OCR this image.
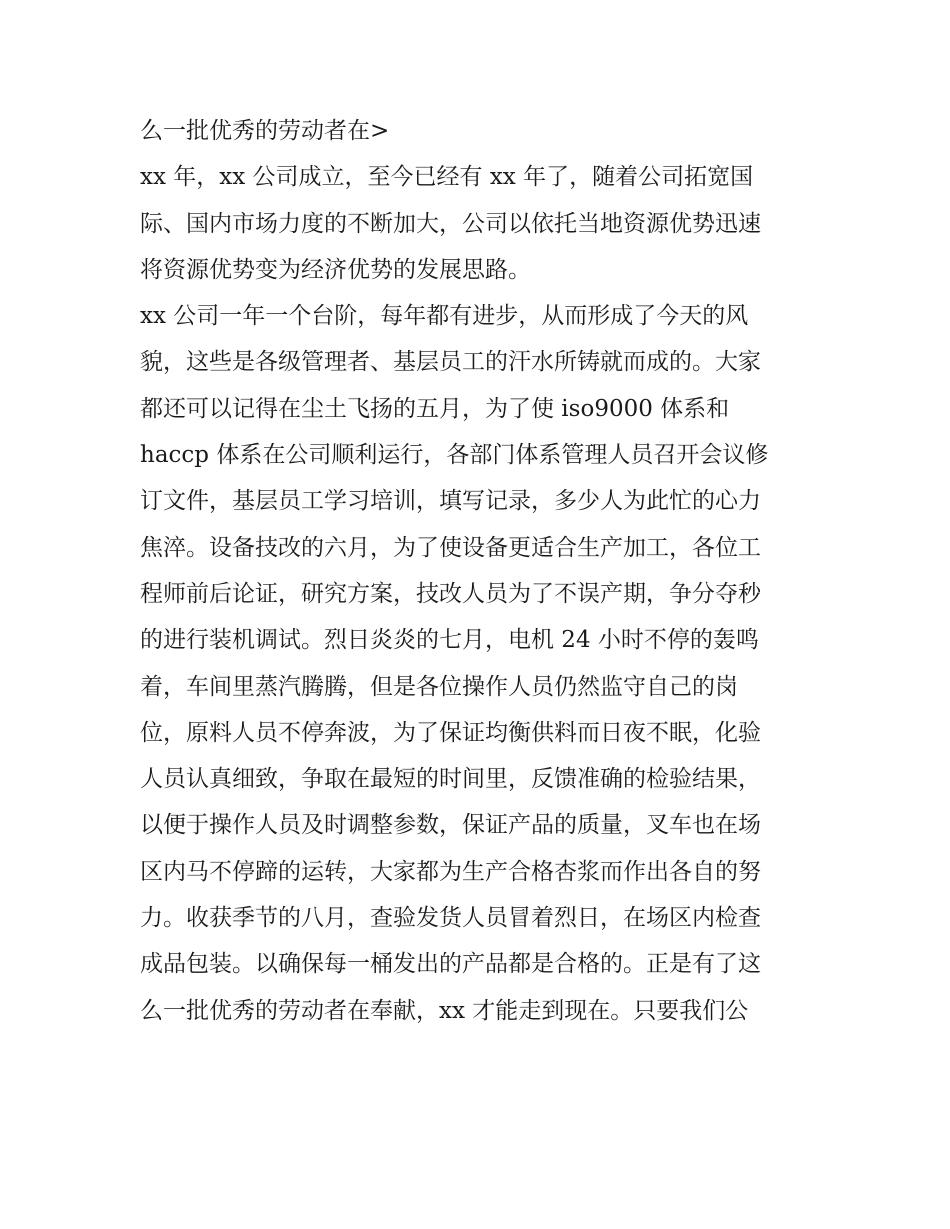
么一批优秀的劳动者在>
xx 年，xx 公司成立，至今已经有 xx 年了，随着公司拓宽国
际、国内市场力度的不断加大，公司以依托当地资源优势迅速
将资源优势变为经济优势的发展思路。
xx 公司一年一个台阶，每年都有进步，从而形成了今天的风
貌，这些是各级管理者、基层员工的汗水所铸就而成的。大家
都还可以记得在尘土飞扬的五月，为了使 iso9000 体系和
haccp 体系在公司顺利运行，各部门体系管理人员召开会议修
订文件，基层员工学习培训，填写记录，多少人为此忙的心力
焦淬。设备技改的六月，为了使设备更适合生产加工，各位工
程师前后论证，研究方案，技改人员为了不误产期，争分夺秒
的进行装机调试。烈日炎炎的七月，电机 24 小时不停的轰鸣
着，车间里蒸汽腾腾，但是各位操作人员仍然监守自己的岗
位，原料人员不停奔波，为了保证均衡供料而日夜不眠，化验
人员认真细致，争取在最短的时间里，反馈准确的检验结果，
以便于操作人员及时调整参数，保证产品的质量，叉车也在场
区内马不停蹄的运转，大家都为生产合格杏浆而作出各自的努
力。收获季节的八月，查验发货人员冒着烈日，在场区内检查
成品包装。以确保每一桶发出的产品都是合格的。正是有了这
么一批优秀的劳动者在奉献，xx 才能走到现在。只要我们公
